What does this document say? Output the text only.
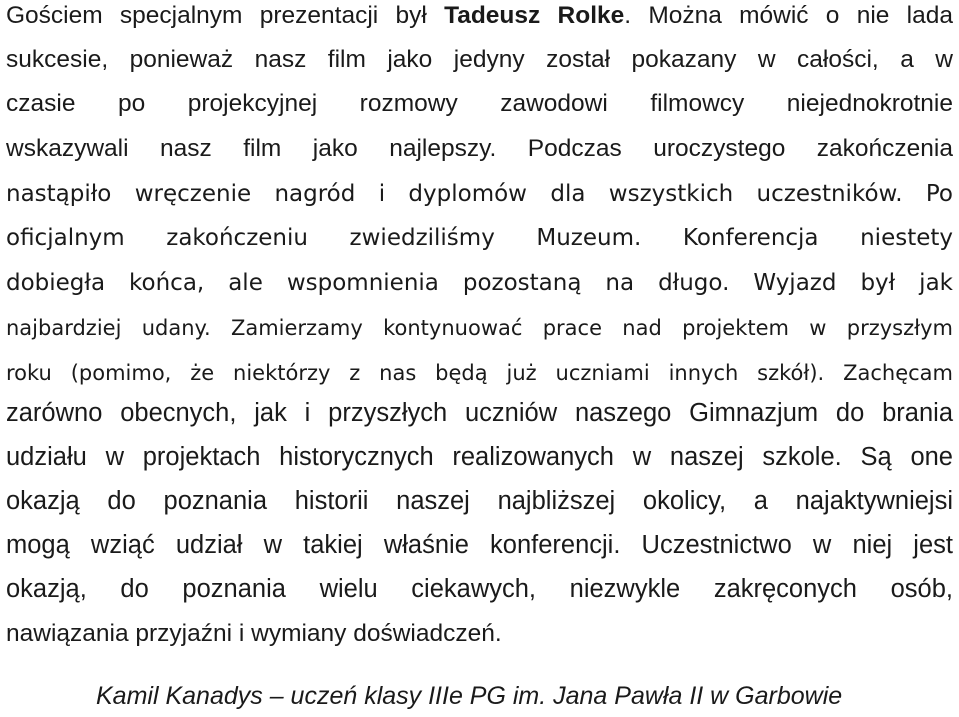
Gościem specjalnym prezentacji był Tadeusz Rolke. Można mówić o nie lada
sukcesie, ponieważ nasz film jako jedyny został pokazany w całości, a w
czasie po projekcyjnej rozmowy zawodowi filmowcy niejednokrotnie
wskazywali nasz film jako najlepszy. Podczas uroczystego zakończenia
nastąpiło wręczenie nagród i dyplomów dla wszystkich uczestników. Po
oficjalnym zakończeniu zwiedziliśmy Muzeum. Konferencja niestety
dobiegła końca, ale wspomnienia pozostaną na długo. Wyjazd był jak
najbardziej udany. Zamierzamy kontynuować prace nad projektem w przyszłym
roku (pomimo, że niektórzy z nas będą już uczniami innych szkół). Zachęcam
zarówno obecnych, jak i przyszłych uczniów naszego Gimnazjum do brania
udziału w projektach historycznych realizowanych w naszej szkole. Są one
okazją do poznania historii naszej najbliższej okolicy, a najaktywniejsi
mogą wziąć udział w takiej właśnie konferencji. Uczestnictwo w niej jest
okazją, do poznania wielu ciekawych, niezwykle zakręconych osób,
nawiązania przyjaźni i wymiany doświadczeń.
Kamil Kanadys – uczeń klasy IIIe PG im. Jana Pawła II w Garbowie
